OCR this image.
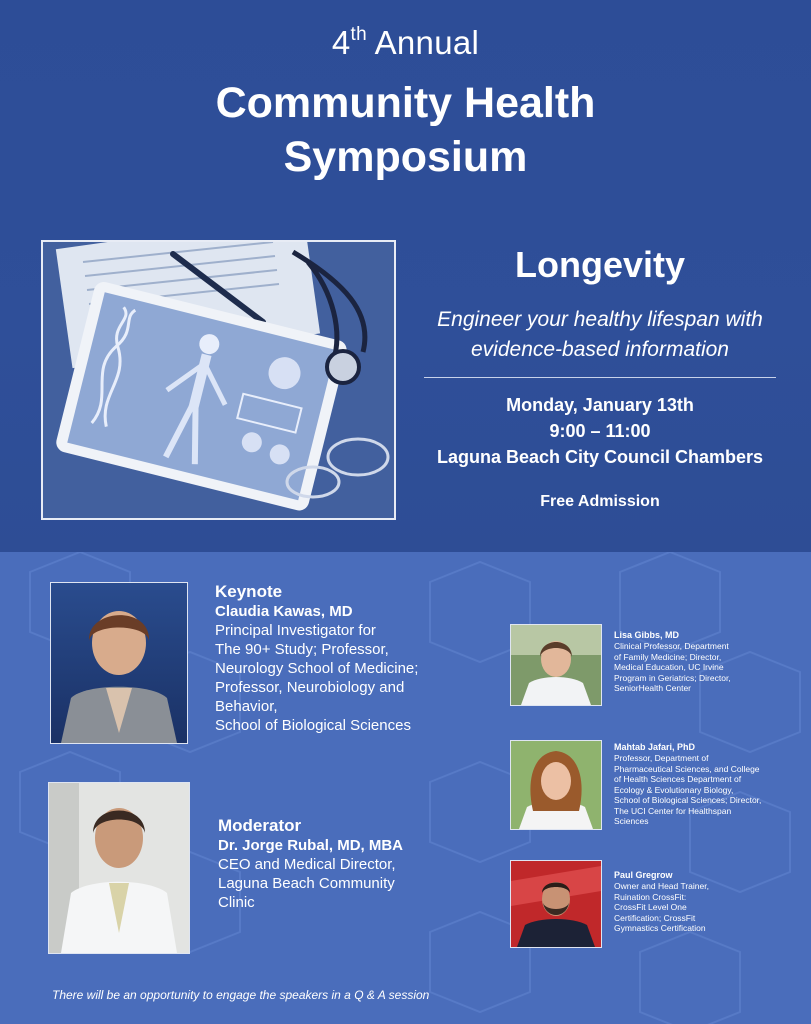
4th Annual
Community Health
Symposium
Longevity
Engineer your healthy lifespan with
evidence-based information
Monday, January 13th
9:00 – 11:00
Laguna Beach City Council Chambers
Free Admission
Keynote
Claudia Kawas, MD
Principal Investigator for
The 90+ Study; Professor,
Neurology School of Medicine;
Professor, Neurobiology and
Behavior,
School of Biological Sciences
Moderator
Dr. Jorge Rubal, MD, MBA
CEO and Medical Director,
Laguna Beach Community
Clinic
Lisa Gibbs, MD
Clinical Professor, Department
of Family Medicine; Director,
Medical Education, UC Irvine
Program in Geriatrics; Director,
SeniorHealth Center
Mahtab Jafari, PhD
Professor, Department of
Pharmaceutical Sciences, and College
of Health Sciences Department of
Ecology & Evolutionary Biology,
School of Biological Sciences; Director,
The UCI Center for Healthspan
Sciences
Paul Gregrow
Owner and Head Trainer,
Ruination CrossFit:
CrossFit Level One
Certification; CrossFit
Gymnastics Certification
There will be an opportunity to engage the speakers in a Q & A session
